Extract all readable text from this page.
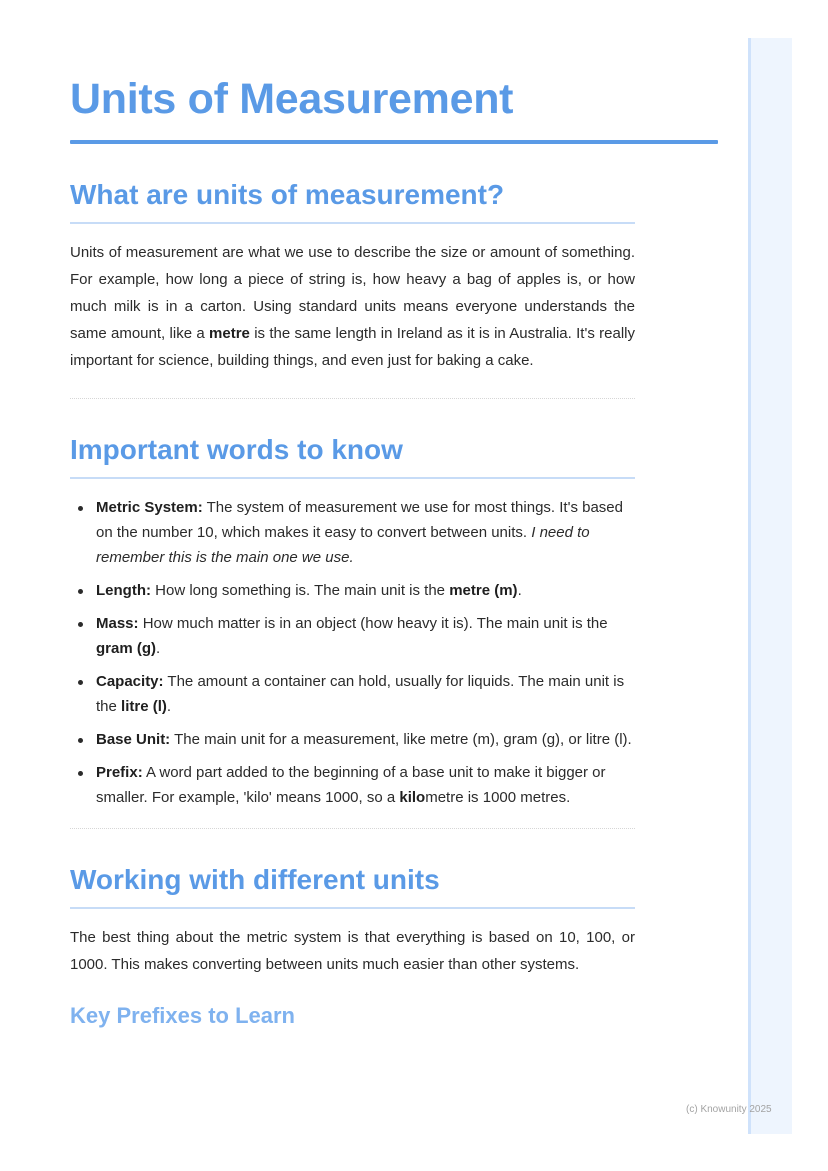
(c) Knowunity 2025
Units of Measurement
What are units of measurement?

Units of measurement are what we use to describe the size or amount of something. For example, how long a piece of string is, how heavy a bag of apples is, or how much milk is in a carton. Using standard units means everyone understands the same amount, like a metre is the same length in Ireland as it is in Australia. It's really important for science, building things, and even just for baking a cake.

Important words to know
Metric System: The system of measurement we use for most things. It's based on the number 10, which makes it easy to convert between units. I need to remember this is the main one we use.
Length: How long something is. The main unit is the metre (m).
Mass: How much matter is in an object (how heavy it is). The main unit is the gram (g).
Capacity: The amount a container can hold, usually for liquids. The main unit is the litre (l).
Base Unit: The main unit for a measurement, like metre (m), gram (g), or litre (l).
Prefix: A word part added to the beginning of a base unit to make it bigger or smaller. For example, 'kilo' means 1000, so a kilometre is 1000 metres.
Working with different units

The best thing about the metric system is that everything is based on 10, 100, or 1000. This makes converting between units much easier than other systems.

Key Prefixes to Learn
